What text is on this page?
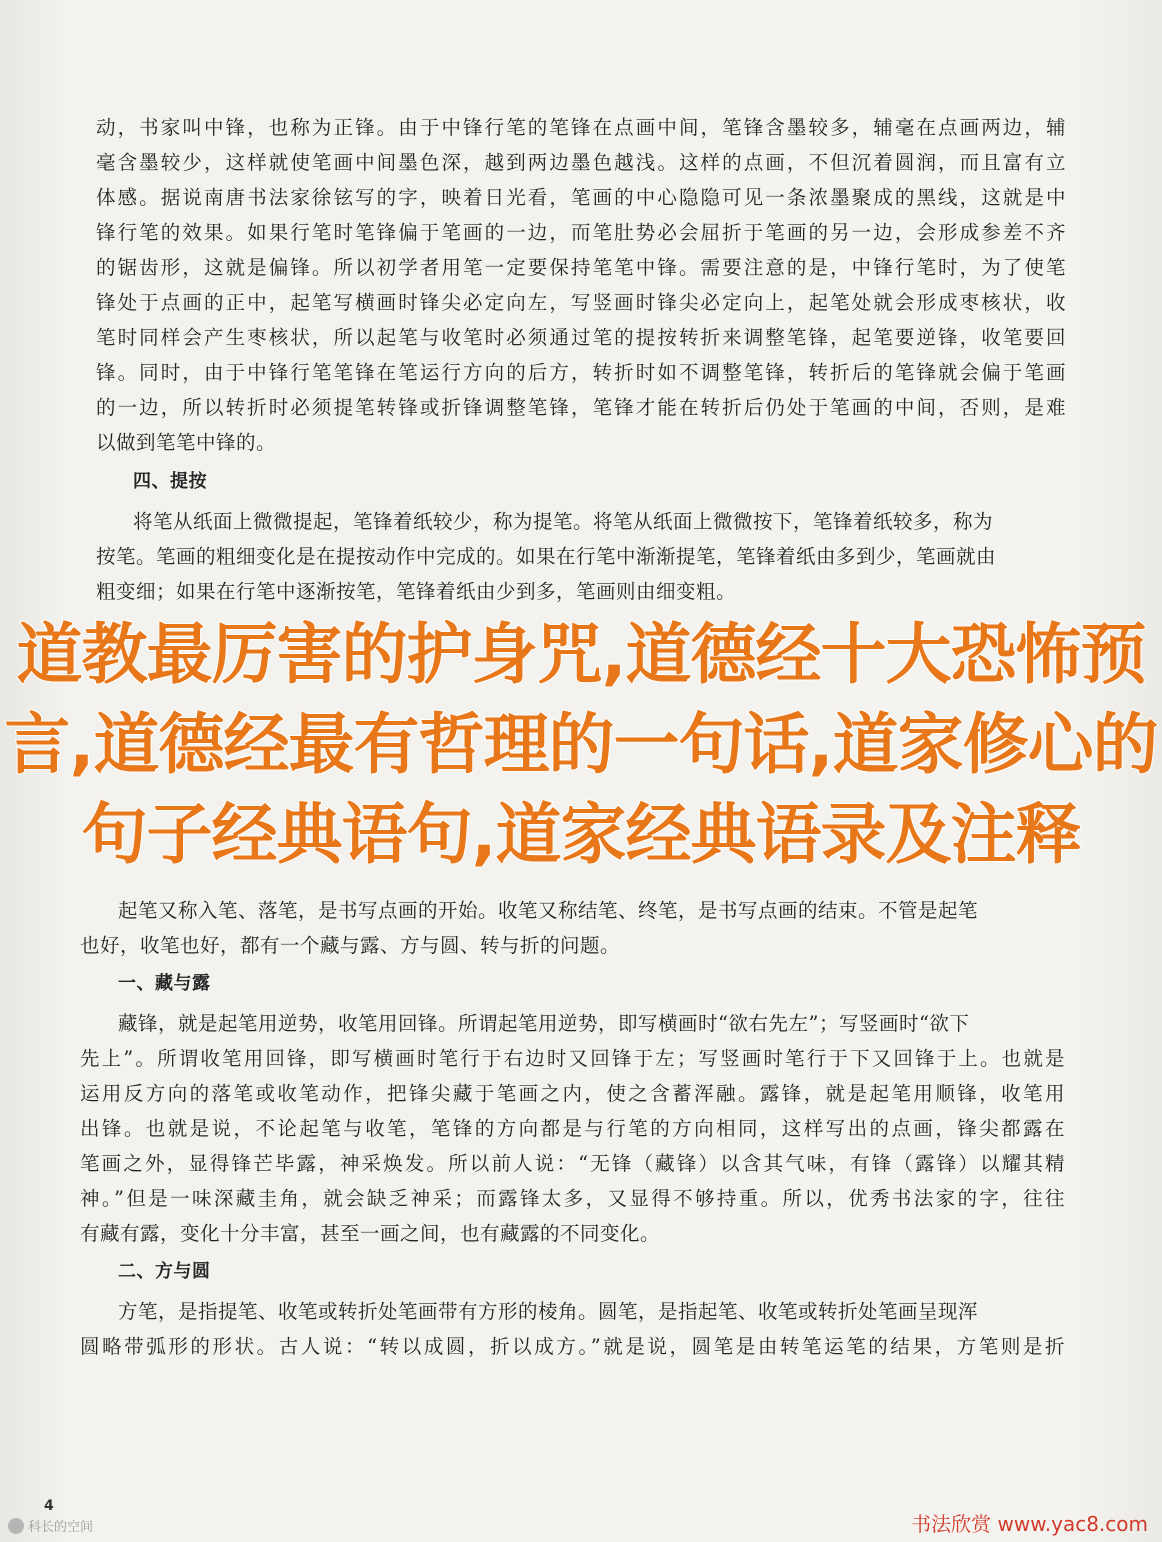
动，书家叫中锋，也称为正锋。由于中锋行笔的笔锋在点画中间，笔锋含墨较多，辅毫在点画两边，辅
毫含墨较少，这样就使笔画中间墨色深，越到两边墨色越浅。这样的点画，不但沉着圆润，而且富有立
体感。据说南唐书法家徐铉写的字，映着日光看，笔画的中心隐隐可见一条浓墨聚成的黑线，这就是中
锋行笔的效果。如果行笔时笔锋偏于笔画的一边，而笔肚势必会屈折于笔画的另一边，会形成参差不齐
的锯齿形，这就是偏锋。所以初学者用笔一定要保持笔笔中锋。需要注意的是，中锋行笔时，为了使笔
锋处于点画的正中，起笔写横画时锋尖必定向左，写竖画时锋尖必定向上，起笔处就会形成枣核状，收
笔时同样会产生枣核状，所以起笔与收笔时必须通过笔的提按转折来调整笔锋，起笔要逆锋，收笔要回
锋。同时，由于中锋行笔笔锋在笔运行方向的后方，转折时如不调整笔锋，转折后的笔锋就会偏于笔画
的一边，所以转折时必须提笔转锋或折锋调整笔锋，笔锋才能在转折后仍处于笔画的中间，否则，是难
以做到笔笔中锋的。
四、提按
将笔从纸面上微微提起，笔锋着纸较少，称为提笔。将笔从纸面上微微按下，笔锋着纸较多，称为
按笔。笔画的粗细变化是在提按动作中完成的。如果在行笔中渐渐提笔，笔锋着纸由多到少，笔画就由
粗变细；如果在行笔中逐渐按笔，笔锋着纸由少到多，笔画则由细变粗。
起笔又称入笔、落笔，是书写点画的开始。收笔又称结笔、终笔，是书写点画的结束。不管是起笔
也好，收笔也好，都有一个藏与露、方与圆、转与折的问题。
一、藏与露
藏锋，就是起笔用逆势，收笔用回锋。所谓起笔用逆势，即写横画时“欲右先左”；写竖画时“欲下
先上”。所谓收笔用回锋，即写横画时笔行于右边时又回锋于左；写竖画时笔行于下又回锋于上。也就是
运用反方向的落笔或收笔动作，把锋尖藏于笔画之内，使之含蓄浑融。露锋，就是起笔用顺锋，收笔用
出锋。也就是说，不论起笔与收笔，笔锋的方向都是与行笔的方向相同，这样写出的点画，锋尖都露在
笔画之外，显得锋芒毕露，神采焕发。所以前人说：“无锋（藏锋）以含其气味，有锋（露锋）以耀其精
神。”但是一味深藏圭角，就会缺乏神采；而露锋太多，又显得不够持重。所以，优秀书法家的字，往往
有藏有露，变化十分丰富，甚至一画之间，也有藏露的不同变化。
二、方与圆
方笔，是指提笔、收笔或转折处笔画带有方形的棱角。圆笔，是指起笔、收笔或转折处笔画呈现浑
圆略带弧形的形状。古人说：“转以成圆，折以成方。”就是说，圆笔是由转笔运笔的结果，方笔则是折
道教最厉害的护身咒,道德经十大恐怖预言,道德经最有哲理的一句话,道家修心的句子经典语句,道家经典语录及注释
4
科长的空间	书法欣赏 www.yac8.com
